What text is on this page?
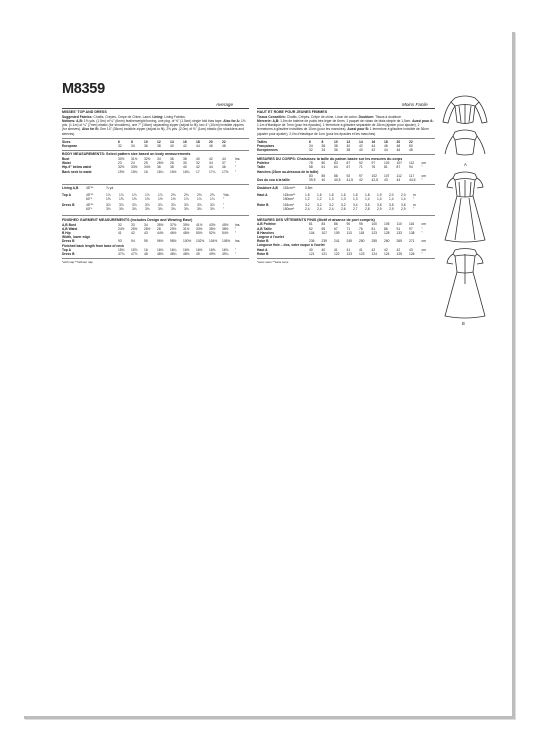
M8359
Average	Moins Facile
MISSES' TOP AND DRESS

Suggested Fabrics: Challis, Crepes, Crepe de Chine, Lawn. Lining: Lining Fabrics.

Notions: A,B: 1⅝ yds. (1.5m) of ¼" (6mm) featherweight boning, one pkg. of ⅜" (1.5cm) single fold bias tape. Also for A: 1⅝ yds. (1.1m) of ¼" (7mm) elastic (for shoulders), one 7" (18cm) separating zipper (adjust to fit), two 4" (10cm) invisible zippers (for sleeves). Also for B: One 14" (36cm) invisible zipper (adjust to fit), 2⅝ yds. (2.0m) of ⅜" (1cm) elastic (for shoulders and sleeves).

Sizes	6	8	10	12	14	16	18	20	22
European	32	34	36	38	40	42	44	46	48
BODY MEASUREMENTS: Select pattern size based on body measurements
Bust	30½	31½	32½	34	36	38	40	42	44	Ins.
Waist	23	24	25	26½	28	30	32	34	37	"
Hip-9" below waist	32½	33½	34½	36	38	40	42	44	46	"
Back neck to waist	15½	15¾	16	16¼	16½	16¾	17	17¼	17½	"
Lining A,B	45"**	⅞ yd.
Top A	45"**	1⅞	1⅞	1⅞	1⅞	1⅞	2⅛	2⅛	2⅛	2⅛	Yds.
60"*	1⅝	1⅝	1⅝	1⅝	1½	1½	1⅞	1⅞	1⅞	"
Dress B	45"**	3⅞	3⅞	3⅞	3⅞	3⅞	3⅞	3⅞	3⅞	3⅞	"
60"*	3⅛	3⅛	3⅛	3⅛	3⅛	3⅛	3⅛	3⅛	3⅛	"
FINISHED GARMENT MEASUREMENTS (includes Design and Wearing Ease)
A,B Bust	32	33	34	35½	37½	39½	41½	43½	45½	Ins.
A,B Waist	24½	25½	26½	28	29½	31½	33½	35½	38½	"
B Hip	41	42	43	44½	46½	48½	50½	52½	54½	"
Width, lower edge
Dress B	93	94	95	96½	98½	100½	102½	104½	106½	Ins.
Finished back length from base of neck
Top A	15¾	15⅞	16	16⅛	16¼	16⅜	16½	16⅝	16¾	"
Dress B	47¾	47⅞	48	48⅛	48¼	48⅜	49	49⅛	49¼	"
*with nap **without nap
HAUT ET ROBE POUR JEUNES FEMMES

Tissus Conseillés: Challis, Crêpes, Crêpe de chine, Linon de coton. Doublure: Tissus à doublure.

Mercerie: A,B: 1,5m de baleine de poids très léger de 6mm, 1 paquet de ruban de biais simple de 1,5cm. Aussi pour A: 1,1m d'élastique de 7mm (pour les épaules), 1 fermeture à glissière séparable de 18cm (ajuster pour ajuster), 2 fermetures à glissière invisibles de 10cm (pour les manches). Aussi pour B: 1 fermeture à glissière invisible de 36cm (ajuster pour ajuster), 2,0m d'élastique de 1cm (pour les épaules et les manches).

Tailles	6	8	10	12	14	16	18	20	22
Françaises	34	36	38	40	42	44	46	48	50
Européennes	32	34	36	38	40	42	44	46	48
MESURES DU CORPS: Choisissez la taille du patron basée sur les mesures du corps
Poitrine	78	80	83	87	92	97	102	107	112	cm
Taille	58	61	64	67	71	76	81	87	94	"
Hanches (23cm au-dessous de la taille)
83	85	88	92	97	102	107	112	117	cm
Dos du cou à la taille	39,5	40	40,5	41,5	42	42,5	43	44	44,5	"
Doublure A,B	115cm**	0,5m
Haut A	115cm**	1,6	1,6	1,6	1,6	1,6	1,8	1,9	2,0	2,0	m
150cm*	1,2	1,2	1,3	1,3	1,3	1,4	1,4	1,4	1,4	"
Robe B	115cm*	3,2	3,2	3,2	3,2	3,4	3,5	3,5	3,5	3,6	m
150cm*	2,4	2,4	2,4	2,6	2,7	2,8	2,9	2,9	2,9	"
MESURES DES VÊTEMENTS FINIS (Motif et aisance de port compris)
A,B Poitrine	81	84	86	90	95	100	105	110	116	cm
A,B Taille	62	65	67	71	76	81	86	91	97	"
B Hanches	104	107	109	113	118	123	128	133	138	"
Largeur à l'ourlet
Robe B	236	239	241	245	250	255	260	265	271	cm
Longueur finie – dos, votre nuque à l'ourlet
Haut A	40	40	41	41	41	42	42	42	43	cm
Robe B	121	121	122	123	123	124	124	125	126	"
*avec sens **sans sens
A
B
